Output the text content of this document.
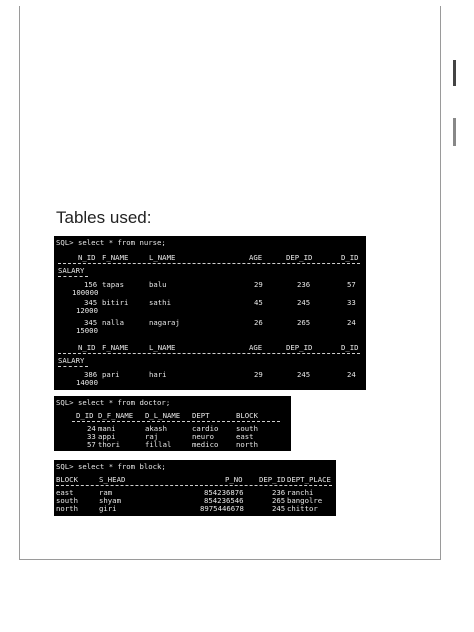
Tables used:
SQL> select * from nurse;
N_ID F_NAME	L_NAME	AGE	DEP_ID	D_ID
SALARY
156 tapas	balu	29	236	57
100000
345 bitiri	sathi	45	245	33
12000
345 nalla	nagaraj	26	265	24
15000
N_ID F_NAME	L_NAME	AGE	DEP_ID	D_ID
SALARY
386 pari	hari	29	245	24
14000
SQL> select * from doctor;
D_ID D_F_NAME D_L_NAME DEPT	BLOCK
24 mani	akash	cardio south
33 appi	raj	neuro	east
57 thori	fillal	medico north
SQL> select * from block;
BLOCK	S_HEAD	P_NO DEP_ID DEPT_PLACE
east	ram	854236876	236 ranchi
south	shyam	854236546	265 bangolre
north	giri	8975446678	245 chittor
